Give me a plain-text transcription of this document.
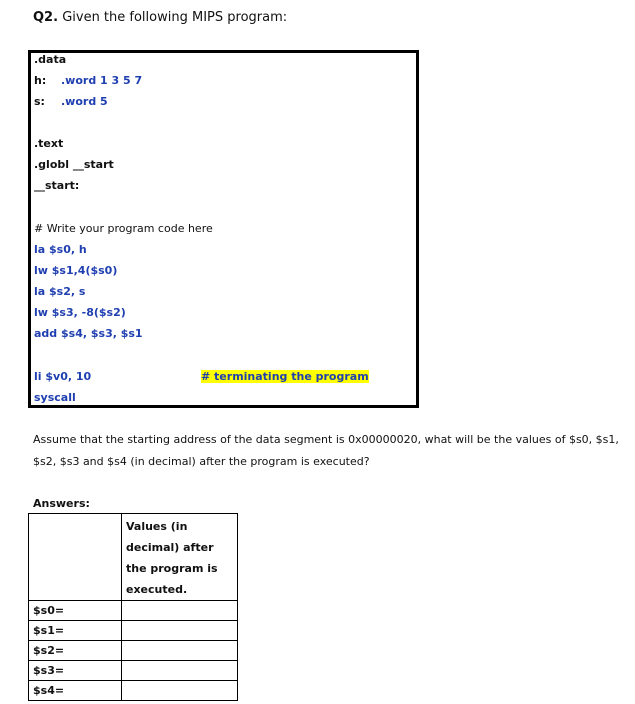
Q2. Given the following MIPS program:
.data
h: .word 1 3 5 7
s: .word 5
.text
.globl __start
__start:
# Write your program code here
la $s0, h
lw $s1,4($s0)
la $s2, s
lw $s3, -8($s2)
add $s4, $s3, $s1
li $v0, 10	# terminating the program
syscall
Assume that the starting address of the data segment is 0x00000020, what will be the values of $s0, $s1,
$s2, $s3 and $s4 (in decimal) after the program is executed?
Answers:
	Values (in decimal) after the program is executed.
$s0=	
$s1=	
$s2=	
$s3=	
$s4=	
